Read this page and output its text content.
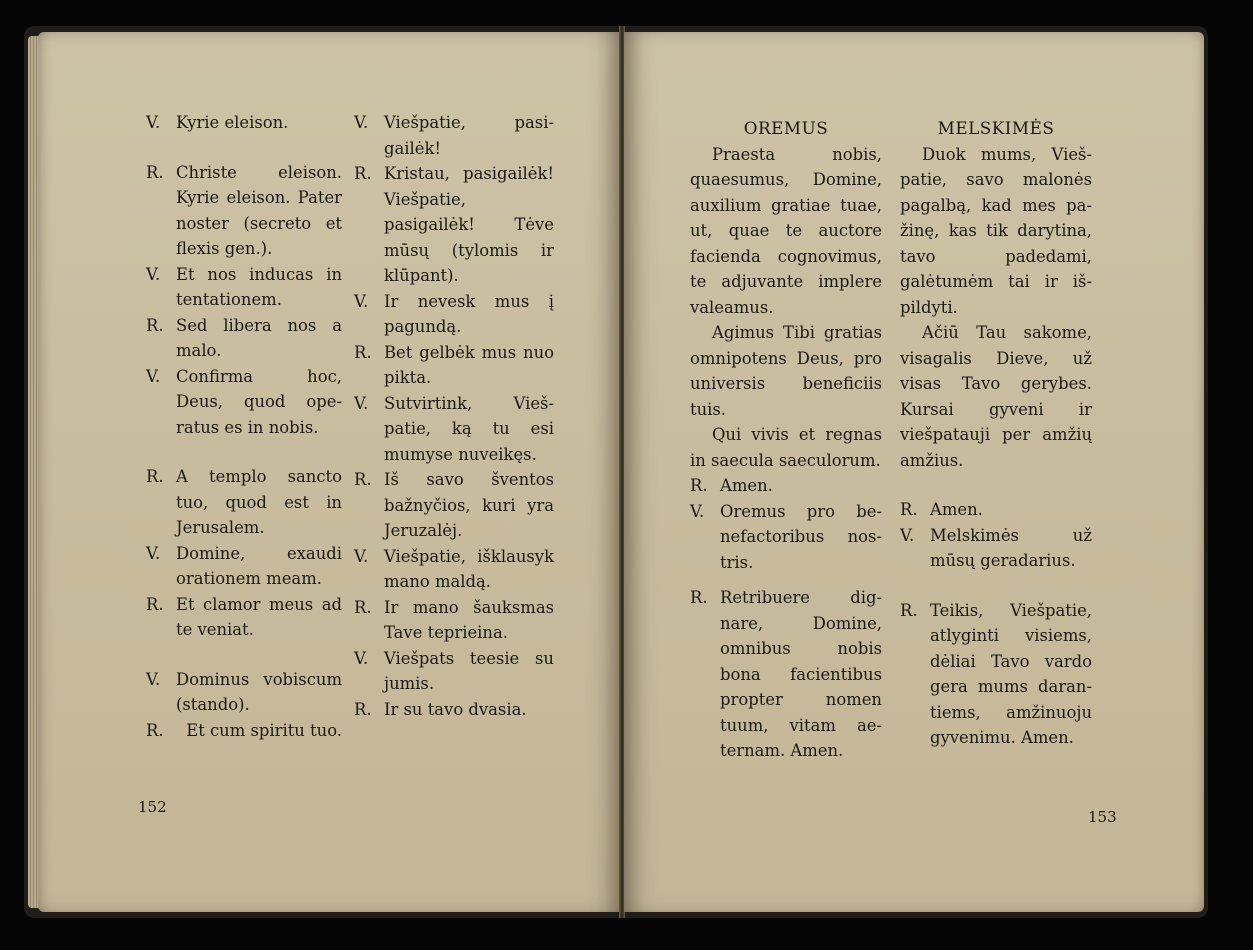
V. Kyrie eleison.
R. Christe eleison. Kyrie eleison. Pater noster (secreto et flexis gen.).
V. Et nos inducas in tentationem.
R. Sed libera nos a malo.
V. Confirma hoc, Deus, quod operatus es in nobis.
R. A templo sancto tuo, quod est in Jerusalem.
V. Domine, exaudi orationem meam.
R. Et clamor meus ad te veniat.
V. Dominus vobiscum (stando).
R.	Et cum spiritu tuo.
V. Viešpatie, pasigailėk!
R. Kristau, pasigailėk! Viešpatie, pasigailėk! Tėve mūsų (tylomis ir klūpant).
V. Ir nevesk mus į pagundą.
R. Bet gelbėk mus nuo pikta.
V. Sutvirtink, Viešpatie, ką tu esi mumyse nuveikęs.
R. Iš savo šventos bažnyčios, kuri yra Jeruzalėj.
V. Viešpatie, išklausyk mano maldą.
R. Ir mano šauksmas Tave teprieina.
V. Viešpats teesie su jumis.
R. Ir su tavo dvasia.
152
OREMUS
Praesta nobis, quaesumus, Domine, auxilium gratiae tuae, ut, quae te auctore facienda cognovimus, te adjuvante implere valeamus.
Agimus Tibi gratias omnipotens Deus, pro universis beneficiis tuis.
Qui vivis et regnas in saecula saeculorum.
R. Amen.
V. Oremus pro benefactoribus nostris.
R. Retribuere dignare, Domine, omnibus nobis bona facientibus propter nomen tuum, vitam aeternam. Amen.
MELSKIMĖS
Duok mums, Viešpatie, savo malonės pagalbą, kad mes pažinę, kas tik darytina, tavo padedami, galėtumėm tai ir išpildyti.
Ačiū Tau sakome, visagalis Dieve, už visas Tavo gerybes. Kursai gyveni ir viešpatauji per amžių amžius.
R. Amen.
V. Melskimės už mūsų geradarius.
R. Teikis, Viešpatie, atlyginti visiems, dėliai Tavo vardo gera mums darantiems, amžinuoju gyvenimu. Amen.
153
